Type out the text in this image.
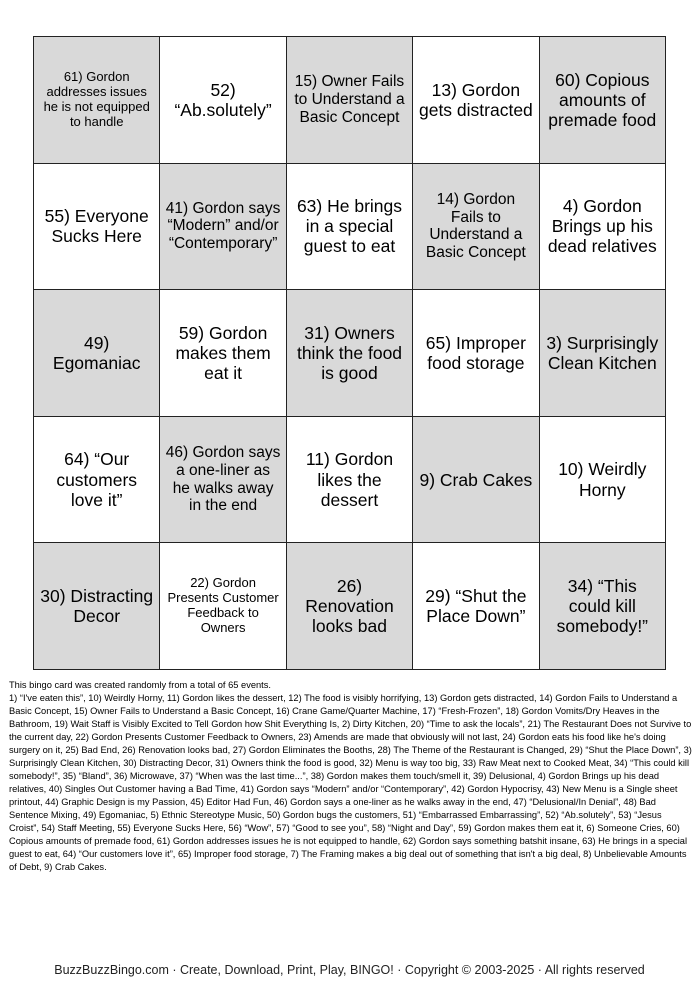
61) Gordon addresses issues he is not equipped to handle
52) “Ab.solutely”
15) Owner Fails to Understand a Basic Concept
13) Gordon gets distracted
60) Copious amounts of premade food
55) Everyone Sucks Here
41) Gordon says “Modern” and/or “Contemporary”
63) He brings in a special guest to eat
14) Gordon Fails to Understand a Basic Concept
4) Gordon Brings up his dead relatives
49) Egomaniac
59) Gordon makes them eat it
31) Owners think the food is good
65) Improper food storage
3) Surprisingly Clean Kitchen
64) “Our customers love it”
46) Gordon says a one-liner as he walks away in the end
11) Gordon likes the dessert
9) Crab Cakes
10) Weirdly Horny
30) Distracting Decor
22) Gordon Presents Customer Feedback to Owners
26) Renovation looks bad
29) “Shut the Place Down”
34) “This could kill somebody!”

This bingo card was created randomly from a total of 65 events.

1) “I've eaten this”, 10) Weirdly Horny, 11) Gordon likes the dessert, 12) The food is visibly horrifying, 13) Gordon gets distracted, 14) Gordon Fails to Understand a Basic Concept, 15) Owner Fails to Understand a Basic Concept, 16) Crane Game/Quarter Machine, 17) “Fresh-Frozen”, 18) Gordon Vomits/Dry Heaves in the Bathroom, 19) Wait Staff is Visibly Excited to Tell Gordon how Shit Everything Is, 2) Dirty Kitchen, 20) “Time to ask the locals”, 21) The Restaurant Does not Survive to the current day, 22) Gordon Presents Customer Feedback to Owners, 23) Amends are made that obviously will not last, 24) Gordon eats his food like he's doing surgery on it, 25) Bad End, 26) Renovation looks bad, 27) Gordon Eliminates the Booths, 28) The Theme of the Restaurant is Changed, 29) “Shut the Place Down”, 3) Surprisingly Clean Kitchen, 30) Distracting Decor, 31) Owners think the food is good, 32) Menu is way too big, 33) Raw Meat next to Cooked Meat, 34) “This could kill somebody!”, 35) “Bland”, 36) Microwave, 37) “When was the last time...”, 38) Gordon makes them touch/smell it, 39) Delusional, 4) Gordon Brings up his dead relatives, 40) Singles Out Customer having a Bad Time, 41) Gordon says “Modern” and/or “Contemporary”, 42) Gordon Hypocrisy, 43) New Menu is a Single sheet printout, 44) Graphic Design is my Passion, 45) Editor Had Fun, 46) Gordon says a one-liner as he walks away in the end, 47) “Delusional/In Denial”, 48) Bad Sentence Mixing, 49) Egomaniac, 5) Ethnic Stereotype Music, 50) Gordon bugs the customers, 51) “Embarrassed Embarrassing”, 52) “Ab.solutely”, 53) “Jesus Croist”, 54) Staff Meeting, 55) Everyone Sucks Here, 56) “Wow”, 57) “Good to see you”, 58) “Night and Day”, 59) Gordon makes them eat it, 6) Someone Cries, 60) Copious amounts of premade food, 61) Gordon addresses issues he is not equipped to handle, 62) Gordon says something batshit insane, 63) He brings in a special guest to eat, 64) “Our customers love it”, 65) Improper food storage, 7) The Framing makes a big deal out of something that isn't a big deal, 8) Unbelievable Amounts of Debt, 9) Crab Cakes.

BuzzBuzzBingo.com · Create, Download, Print, Play, BINGO! · Copyright © 2003-2025 · All rights reserved
